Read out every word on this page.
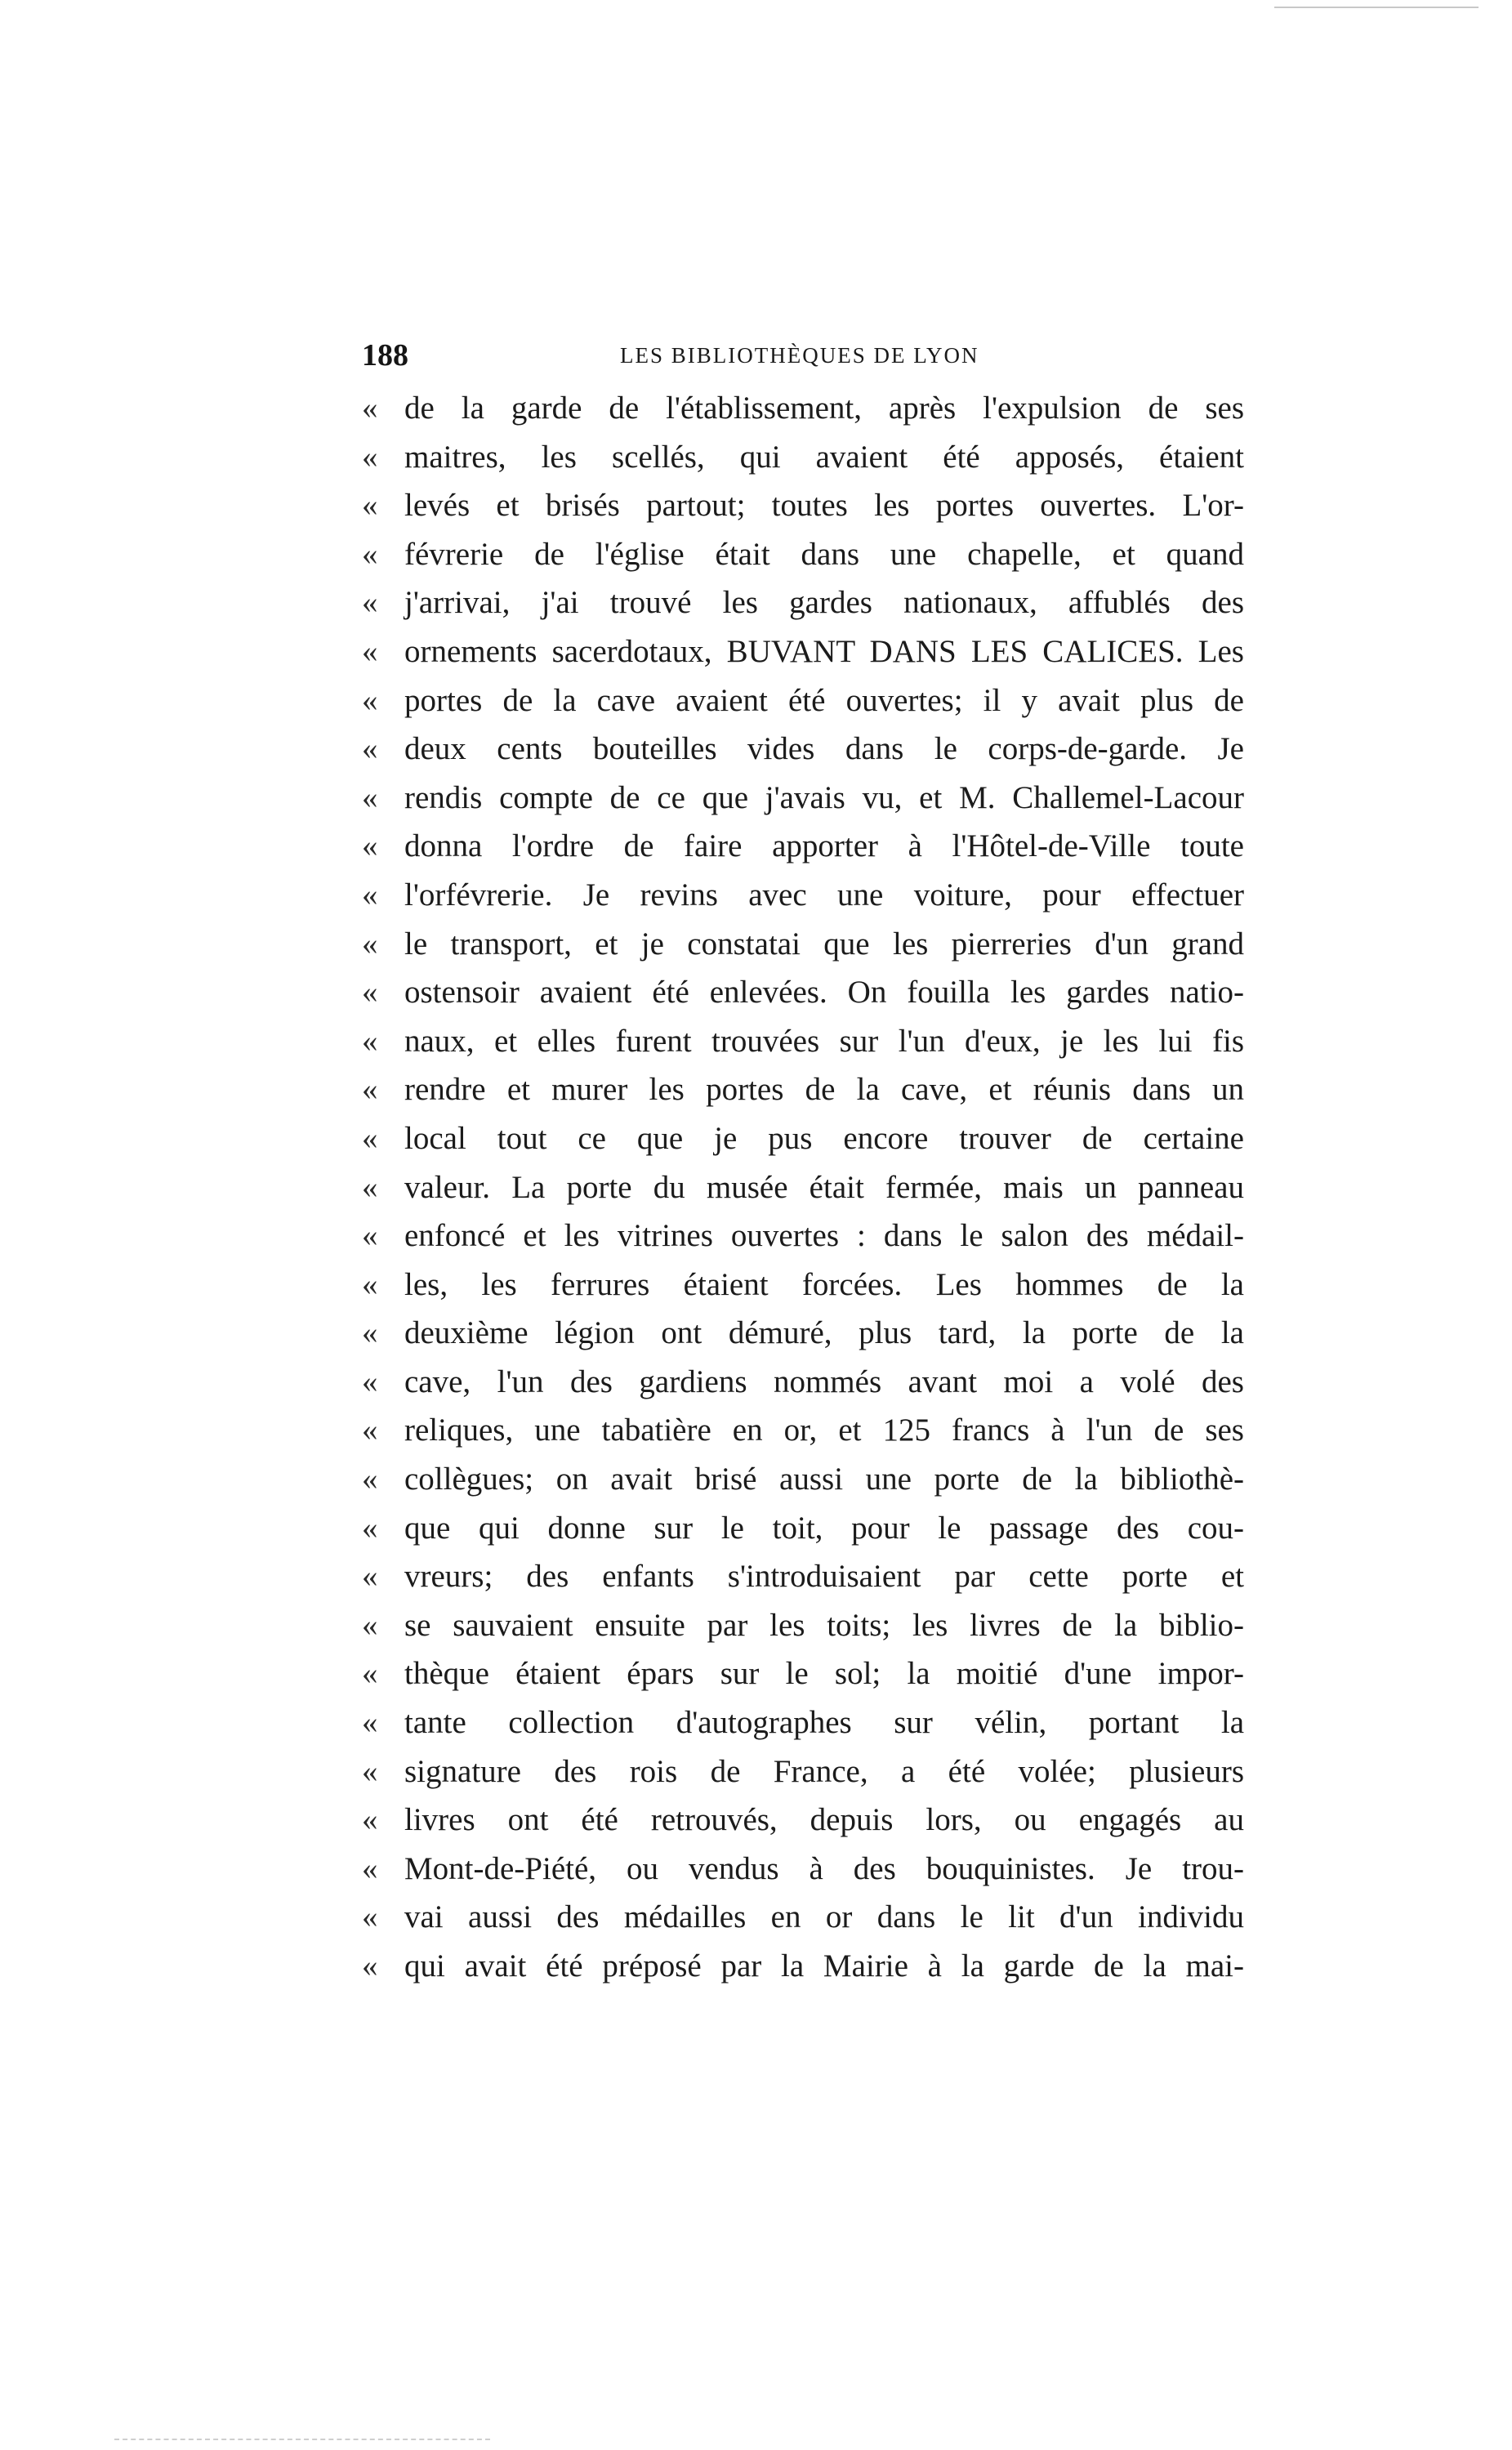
188	LES BIBLIOTHÈQUES DE LYON
« de la garde de l'établissement, après l'expulsion de ses
« maitres, les scellés, qui avaient été apposés, étaient
« levés et brisés partout; toutes les portes ouvertes. L'or-
« févrerie de l'église était dans une chapelle, et quand
« j'arrivai, j'ai trouvé les gardes nationaux, affublés des
« ornements sacerdotaux, BUVANT DANS LES CALICES. Les
« portes de la cave avaient été ouvertes; il y avait plus de
« deux cents bouteilles vides dans le corps-de-garde. Je
« rendis compte de ce que j'avais vu, et M. Challemel-Lacour
« donna l'ordre de faire apporter à l'Hôtel-de-Ville toute
« l'orfévrerie. Je revins avec une voiture, pour effectuer
« le transport, et je constatai que les pierreries d'un grand
« ostensoir avaient été enlevées. On fouilla les gardes natio-
« naux, et elles furent trouvées sur l'un d'eux, je les lui fis
« rendre et murer les portes de la cave, et réunis dans un
« local tout ce que je pus encore trouver de certaine
« valeur. La porte du musée était fermée, mais un panneau
« enfoncé et les vitrines ouvertes : dans le salon des médail-
« les, les ferrures étaient forcées. Les hommes de la
« deuxième légion ont démuré, plus tard, la porte de la
« cave, l'un des gardiens nommés avant moi a volé des
« reliques, une tabatière en or, et 125 francs à l'un de ses
« collègues; on avait brisé aussi une porte de la bibliothè-
« que qui donne sur le toit, pour le passage des cou-
« vreurs; des enfants s'introduisaient par cette porte et
« se sauvaient ensuite par les toits; les livres de la biblio-
« thèque étaient épars sur le sol; la moitié d'une impor-
« tante collection d'autographes sur vélin, portant la
« signature des rois de France, a été volée; plusieurs
« livres ont été retrouvés, depuis lors, ou engagés au
« Mont-de-Piété, ou vendus à des bouquinistes. Je trou-
« vai aussi des médailles en or dans le lit d'un individu
« qui avait été préposé par la Mairie à la garde de la mai-
